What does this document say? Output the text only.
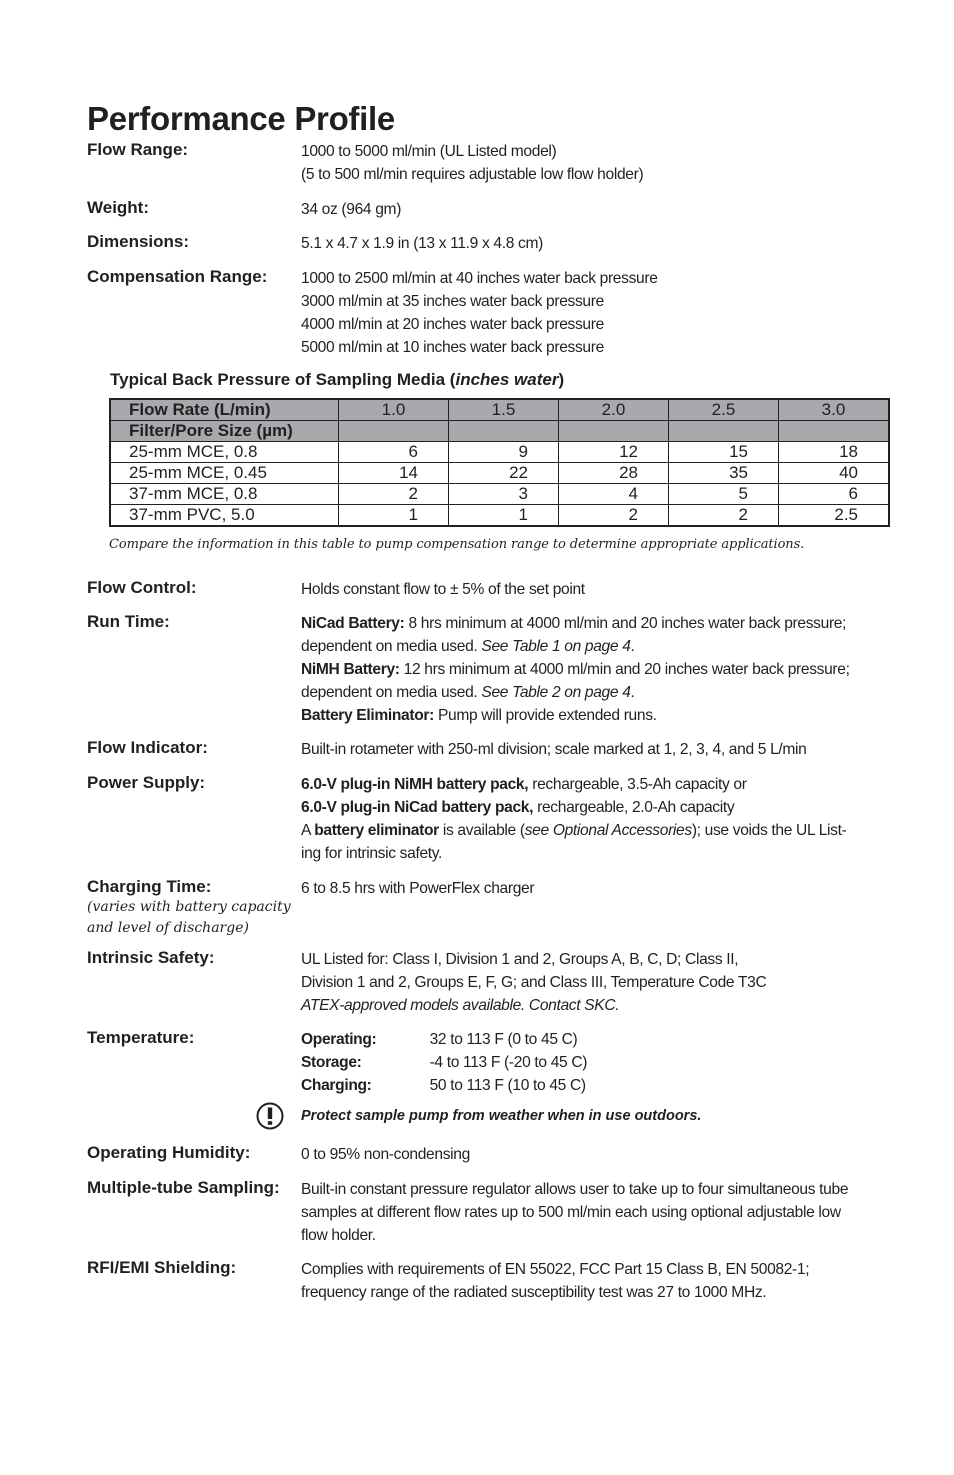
Performance Profile
Flow Range:	1000 to 5000 ml/min (UL Listed model)
(5 to 500 ml/min requires adjustable low flow holder)
Weight:	34 oz (964 gm)
Dimensions:	5.1 x 4.7 x 1.9 in (13 x 11.9 x 4.8 cm)
Compensation Range: 1000 to 2500 ml/min at 40 inches water back pressure
3000 ml/min at 35 inches water back pressure
4000 ml/min at 20 inches water back pressure
5000 ml/min at 10 inches water back pressure
Typical Back Pressure of Sampling Media (inches water)
Flow Rate (L/min)	1.0	1.5	2.0	2.5	3.0
Filter/Pore Size (µm)					
25-mm MCE, 0.8	6	9	12	15	18
25-mm MCE, 0.45	14	22	28	35	40
37-mm MCE, 0.8	2	3	4	5	6
37-mm PVC, 5.0	1	1	2	2	2.5
Compare the information in this table to pump compensation range to determine appropriate applications.
Flow Control:	Holds constant flow to ± 5% of the set point
Run Time:	NiCad Battery: 8 hrs minimum at 4000 ml/min and 20 inches water back pressure;
dependent on media used. See Table 1 on page 4.
NiMH Battery: 12 hrs minimum at 4000 ml/min and 20 inches water back pressure;
dependent on media used. See Table 2 on page 4.
Battery Eliminator: Pump will provide extended runs.
Flow Indicator:	Built-in rotameter with 250-ml division; scale marked at 1, 2, 3, 4, and 5 L/min
Power Supply:	6.0-V plug-in NiMH battery pack, rechargeable, 3.5-Ah capacity or
6.0-V plug-in NiCad battery pack, rechargeable, 2.0-Ah capacity
A battery eliminator is available (see Optional Accessories); use voids the UL List-
ing for intrinsic safety.
Charging Time:
(varies with battery capacity
and level of discharge)
6 to 8.5 hrs with PowerFlex charger
Intrinsic Safety:	UL Listed for: Class I, Division 1 and 2, Groups A, B, C, D; Class II,
Division 1 and 2, Groups E, F, G; and Class III, Temperature Code T3C
ATEX-approved models available. Contact SKC.
Temperature:	Operating:	32 to 113 F (0 to 45 C)
Storage:	-4 to 113 F (-20 to 45 C)
Charging:	50 to 113 F (10 to 45 C)
Protect sample pump from weather when in use outdoors.
Operating Humidity:	0 to 95% non-condensing
Multiple-tube Sampling: Built-in constant pressure regulator allows user to take up to four simultaneous tube
samples at different flow rates up to 500 ml/min each using optional adjustable low
flow holder.
RFI/EMI Shielding:	Complies with requirements of EN 55022, FCC Part 15 Class B, EN 50082-1;
frequency range of the radiated susceptibility test was 27 to 1000 MHz.
